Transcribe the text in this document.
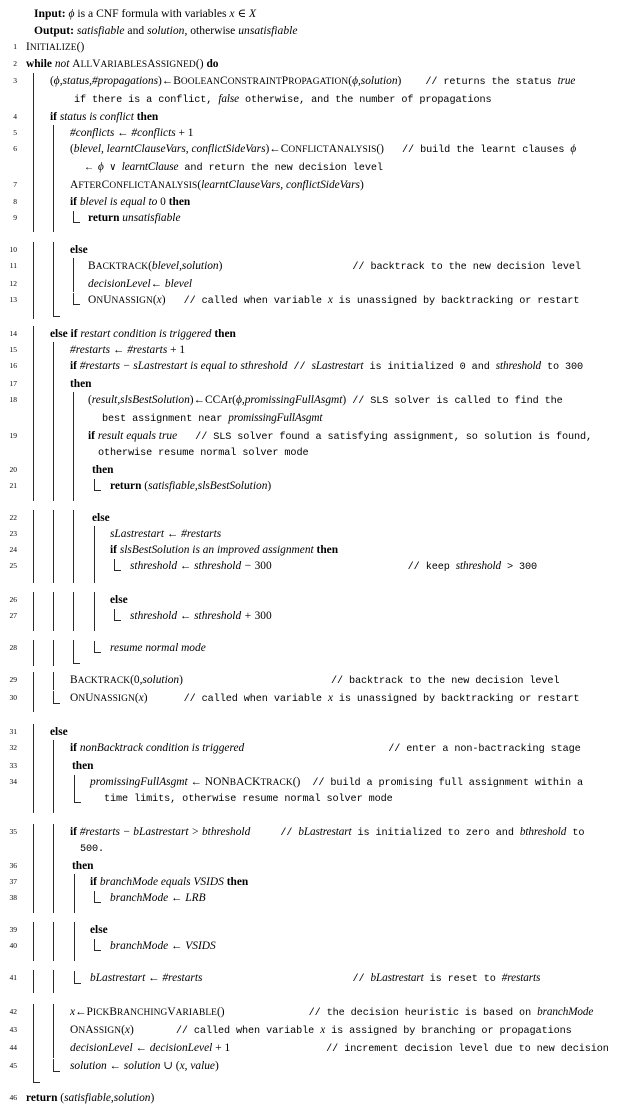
Input: ϕ is a CNF formula with variables x ∈ X

Output: satisfiable and solution, otherwise unsatisfiable
1 INITIALIZE()
2 while not ALLVARIABLESASSIGNED() do
3	(ϕ,status,#propagations)←BOOLEANCONSTRAINTPROPAGATION(ϕ,solution)    // returns the status true
if there is a conflict, false otherwise, and the number of propagations
4	if status is conflict then
5	#conflicts ← #conflicts + 1
6	(blevel, learntClauseVars, conflictSideVars)←CONFLICTANALYSIS()   // build the learnt clauses ϕ
← ϕ ∨ learntClause and return the new decision level
7	AFTERCONFLICTANALYSIS(learntClauseVars, conflictSideVars)
8	if blevel is equal to 0 then
9	return unsatisfiable

10	else
11	BACKTRACK(blevel,solution)	// backtrack to the new decision level
12	decisionLevel← blevel
13	ONUNASSIGN(x)   // called when variable x is unassigned by backtracking or restart

14	else if restart condition is triggered then
15	#restarts ← #restarts + 1
16	if #restarts − sLastrestart is equal to sthreshold // sLastrestart is initialized 0 and sthreshold to 300
17	then
18	(result,slsBestSolution)←CCAr(ϕ,promissingFullAsgmt) // SLS solver is called to find the
best assignment near promissingFullAsgmt
19	if result equals true   // SLS solver found a satisfying assignment, so solution is found,
otherwise resume normal solver mode
20	then
21	return (satisfiable,slsBestSolution)

22	else
23	sLastrestart ← #restarts
24	if slsBestSolution is an improved assignment then
25	sthreshold ← sthreshold − 300	// keep sthreshold > 300

26	else
27	sthreshold ← sthreshold + 300

28	resume normal mode

29	BACKTRACK(0,solution)	// backtrack to the new decision level
30	ONUNASSIGN(x)      // called when variable x is unassigned by backtracking or restart

31	else
32	if nonBacktrack condition is triggered	// enter a non-bactracking stage
33	then
34	promissingFullAsgmt ← NONBACKTRACK()  // build a promising full assignment within a
time limits, otherwise resume normal solver mode

35	if #restarts − bLastrestart > bthreshold     // bLastrestart is initialized to zero and bthreshold to
500.
36	then
37	if branchMode equals VSIDS then
38	branchMode ← LRB

39	else
40	branchMode ← VSIDS

41	bLastrestart ← #restarts	// bLastrestart is reset to #restarts

42	x←PICKBRANCHINGVARIABLE()	// the decision heuristic is based on branchMode
43	ONASSIGN(x)       // called when variable x is assigned by branching or propagations
44	decisionLevel ← decisionLevel + 1	// increment decision level due to new decision
45	solution ← solution ∪ (x, value)

46 return (satisfiable,solution)
